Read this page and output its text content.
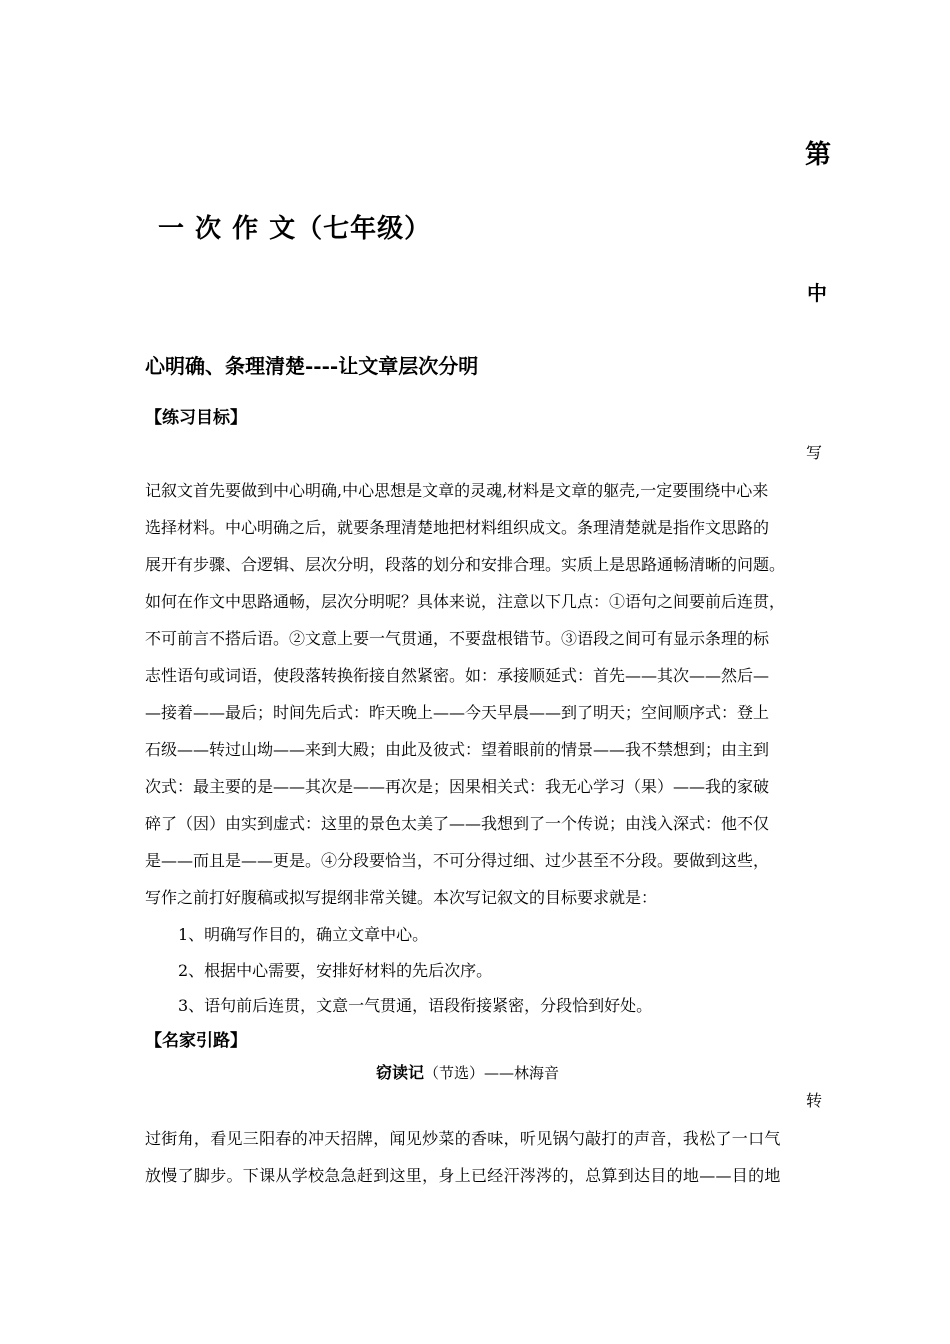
第
一 次 作 文（七年级）
中
心明确、条理清楚----让文章层次分明
【练习目标】
写
记叙文首先要做到中心明确,中心思想是文章的灵魂,材料是文章的躯壳,一定要围绕中心来
选择材料。中心明确之后，就要条理清楚地把材料组织成文。条理清楚就是指作文思路的
展开有步骤、合逻辑、层次分明，段落的划分和安排合理。实质上是思路通畅清晰的问题。
如何在作文中思路通畅，层次分明呢？具体来说，注意以下几点：①语句之间要前后连贯，
不可前言不搭后语。②文意上要一气贯通，不要盘根错节。③语段之间可有显示条理的标
志性语句或词语，使段落转换衔接自然紧密。如：承接顺延式：首先——其次——然后—
—接着——最后；时间先后式：昨天晚上——今天早晨——到了明天；空间顺序式：登上
石级——转过山坳——来到大殿；由此及彼式：望着眼前的情景——我不禁想到；由主到
次式：最主要的是——其次是——再次是；因果相关式：我无心学习（果）——我的家破
碎了（因）由实到虚式：这里的景色太美了——我想到了一个传说；由浅入深式：他不仅
是——而且是——更是。④分段要恰当，不可分得过细、过少甚至不分段。要做到这些，
写作之前打好腹稿或拟写提纲非常关键。本次写记叙文的目标要求就是：
1、明确写作目的，确立文章中心。
2、根据中心需要，安排好材料的先后次序。
3、语句前后连贯，文意一气贯通，语段衔接紧密，分段恰到好处。
【名家引路】
窃读记（节选）——林海音
转
过街角，看见三阳春的冲天招牌，闻见炒菜的香味，听见锅勺敲打的声音，我松了一口气
放慢了脚步。下课从学校急急赶到这里，身上已经汗涔涔的，总算到达目的地——目的地
